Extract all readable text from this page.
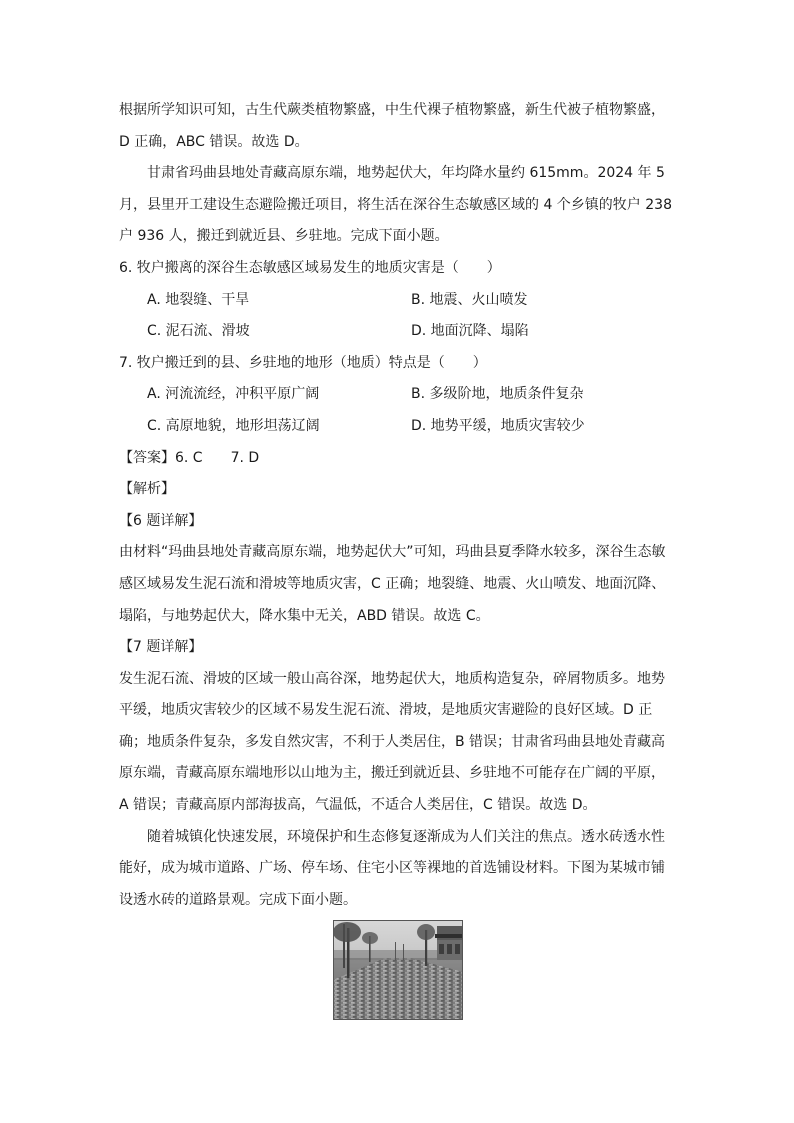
根据所学知识可知，古生代蕨类植物繁盛，中生代裸子植物繁盛，新生代被子植物繁盛，
D 正确，ABC 错误。故选 D。
甘肃省玛曲县地处青藏高原东端，地势起伏大，年均降水量约 615mm。2024 年 5
月，县里开工建设生态避险搬迁项目，将生活在深谷生态敏感区域的 4 个乡镇的牧户 238
户 936 人，搬迁到就近县、乡驻地。完成下面小题。
6. 牧户搬离的深谷生态敏感区域易发生的地质灾害是（　　）
A. 地裂缝、干旱	B. 地震、火山喷发
C. 泥石流、滑坡	D. 地面沉降、塌陷
7. 牧户搬迁到的县、乡驻地的地形（地质）特点是（　　）
A. 河流流经，冲积平原广阔	B. 多级阶地，地质条件复杂
C. 高原地貌，地形坦荡辽阔	D. 地势平缓，地质灾害较少
【答案】6. C　　7. D
【解析】
【6 题详解】
由材料“玛曲县地处青藏高原东端，地势起伏大”可知，玛曲县夏季降水较多，深谷生态敏
感区域易发生泥石流和滑坡等地质灾害，C 正确；地裂缝、地震、火山喷发、地面沉降、
塌陷，与地势起伏大，降水集中无关，ABD 错误。故选 C。
【7 题详解】
发生泥石流、滑坡的区域一般山高谷深，地势起伏大，地质构造复杂，碎屑物质多。地势
平缓，地质灾害较少的区域不易发生泥石流、滑坡，是地质灾害避险的良好区域。D 正
确；地质条件复杂，多发自然灾害，不利于人类居住，B 错误；甘肃省玛曲县地处青藏高
原东端，青藏高原东端地形以山地为主，搬迁到就近县、乡驻地不可能存在广阔的平原，
A 错误；青藏高原内部海拔高，气温低，不适合人类居住，C 错误。故选 D。
随着城镇化快速发展，环境保护和生态修复逐渐成为人们关注的焦点。透水砖透水性
能好，成为城市道路、广场、停车场、住宅小区等裸地的首选铺设材料。下图为某城市铺
设透水砖的道路景观。完成下面小题。
